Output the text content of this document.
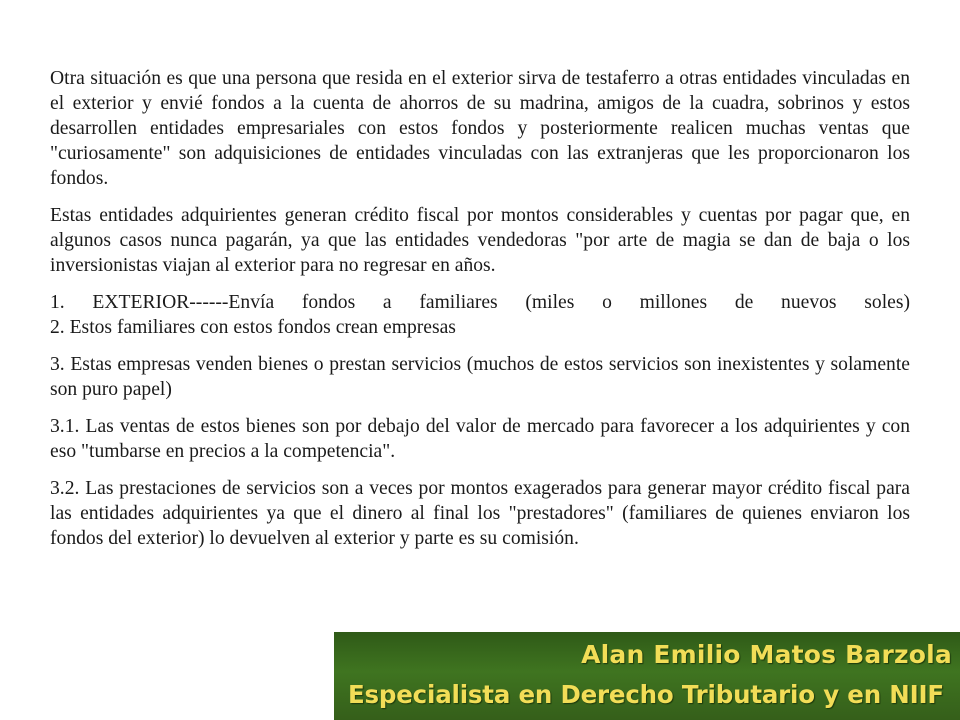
Otra situación es que una persona que resida en el exterior sirva de testaferro a otras entidades vinculadas en el exterior y envié fondos a la cuenta de ahorros de su madrina, amigos de la cuadra, sobrinos y estos desarrollen entidades empresariales con estos fondos y posteriormente realicen muchas ventas que "curiosamente" son adquisiciones de entidades vinculadas con las extranjeras que les proporcionaron los fondos.

Estas entidades adquirientes generan crédito fiscal por montos considerables y cuentas por pagar que, en algunos casos nunca pagarán, ya que las entidades vendedoras "por arte de magia se dan de baja o los inversionistas viajan al exterior para no regresar en años.

1. EXTERIOR------Envía fondos a familiares (miles o millones de nuevos soles)
2. Estos familiares con estos fondos crean empresas

3. Estas empresas venden bienes o prestan servicios (muchos de estos servicios son inexistentes y solamente son puro papel)

3.1. Las ventas de estos bienes son por debajo del valor de mercado para favorecer a los adquirientes y con eso "tumbarse en precios a la competencia".

3.2. Las prestaciones de servicios son a veces por montos exagerados para generar mayor crédito fiscal para las entidades adquirientes ya que el dinero al final los "prestadores" (familiares de quienes enviaron los fondos del exterior) lo devuelven al exterior y parte es su comisión.

Alan Emilio Matos Barzola
Especialista en Derecho Tributario y en NIIF
